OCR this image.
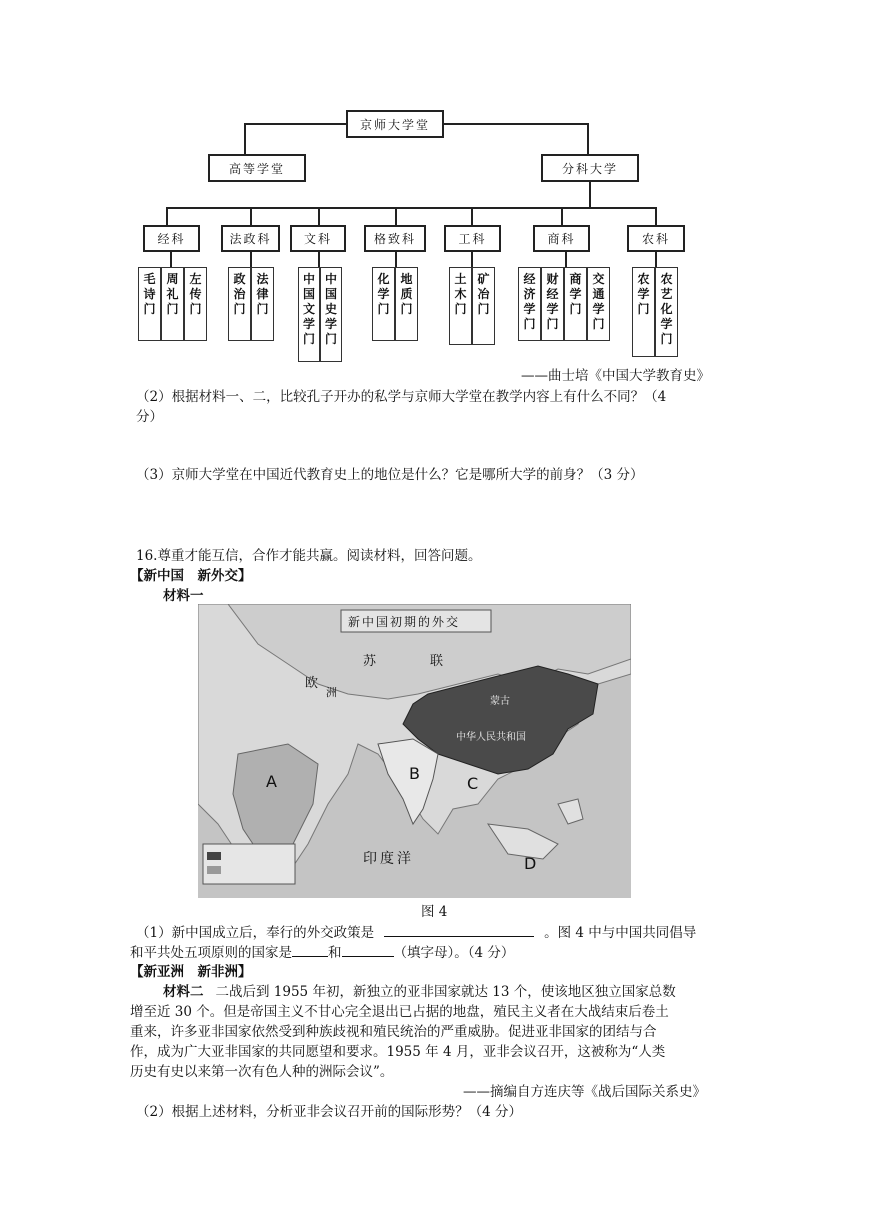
京师大学堂
高等学堂	分科大学
经科	法政科	文科	格致科	工科	商科	农科
毛
诗
门
周
礼
门
左
传
门
政
治
门
法
律
门
中
国
文
学
门
中
国
史
学
门
化
学
门
地
质
门
土
木
门
矿
冶
门
经
济
学
门
财
经
学
门
商
学
门
交
通
学
门
农
学
门
农
艺
化
学
门
——曲士培《中国大学教育史》
（2）根据材料一、二，比较孔子开办的私学与京师大学堂在教学内容上有什么不同？（4
分）
（3）京师大学堂在中国近代教育史上的地位是什么？它是哪所大学的前身？（3 分）
16.尊重才能互信，合作才能共赢。阅读材料，回答问题。
【新中国　新外交】
材料一
新中国初期的外交
苏	联
欧
洲
蒙古
中华人民共和国
印度洋
A	B
C
D
图 4
（1）新中国成立后，奉行的外交政策是	。图 4 中与中国共同倡导
和平共处五项原则的国家是	和	（填字母）。（4 分）
【新亚洲　新非洲】
材料二 二战后到 1955 年初，新独立的亚非国家就达 13 个，使该地区独立国家总数
增至近 30 个。但是帝国主义不甘心完全退出已占据的地盘，殖民主义者在大战结束后卷土
重来，许多亚非国家依然受到种族歧视和殖民统治的严重威胁。促进亚非国家的团结与合
作，成为广大亚非国家的共同愿望和要求。1955 年 4 月，亚非会议召开，这被称为“人类
历史有史以来第一次有色人种的洲际会议”。
——摘编自方连庆等《战后国际关系史》
（2）根据上述材料，分析亚非会议召开前的国际形势？（4 分）
